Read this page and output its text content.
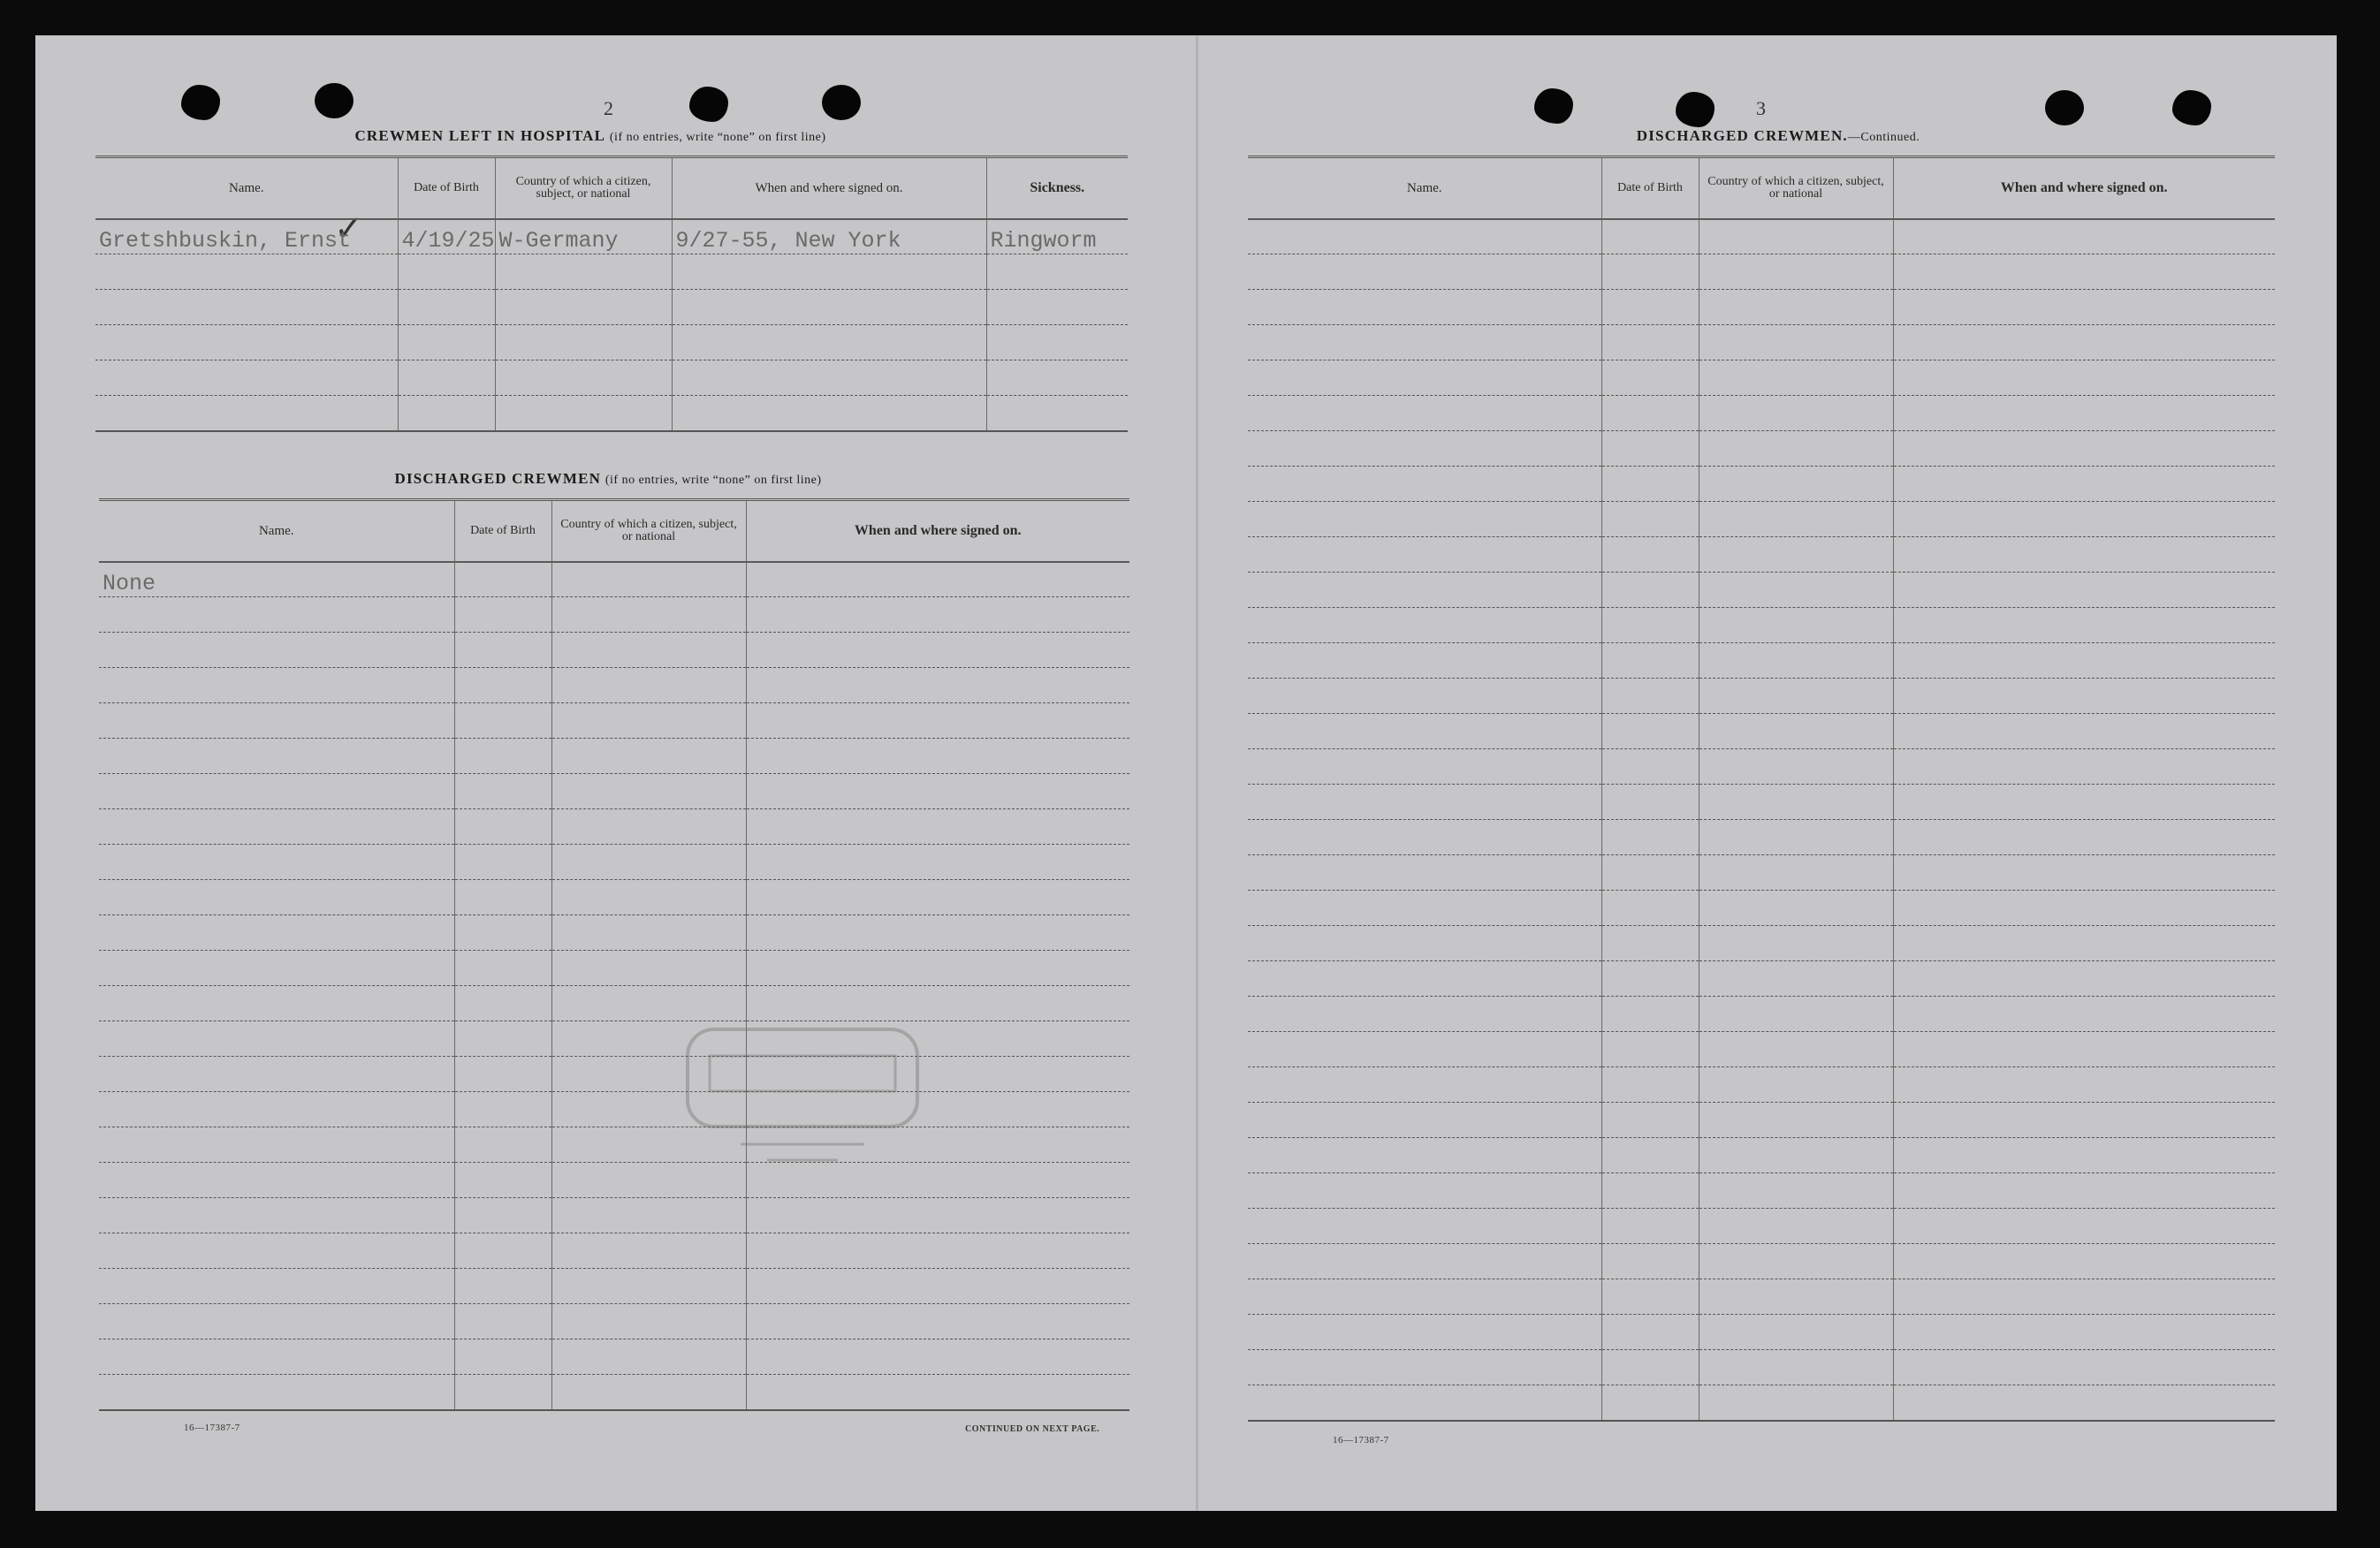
2	3
CREWMEN LEFT IN HOSPITAL (if no entries, write “none” on first line)
✓
Name.	Date of Birth	Country of which a citizen, subject, or national	When and where signed on.	Sickness.
Gretshbuskin, Ernst	4/19/25	W-Germany	9/27-55, New York	Ringworm

DISCHARGED CREWMEN (if no entries, write “none” on first line)
Name.	Date of Birth	Country of which a citizen, subject, or national	When and where signed on.
None			

16—17387-7	CONTINUED ON NEXT PAGE.
DISCHARGED CREWMEN.—Continued.
Name.	Date of Birth	Country of which a citizen, subject, or national	When and where signed on.

16—17387-7
